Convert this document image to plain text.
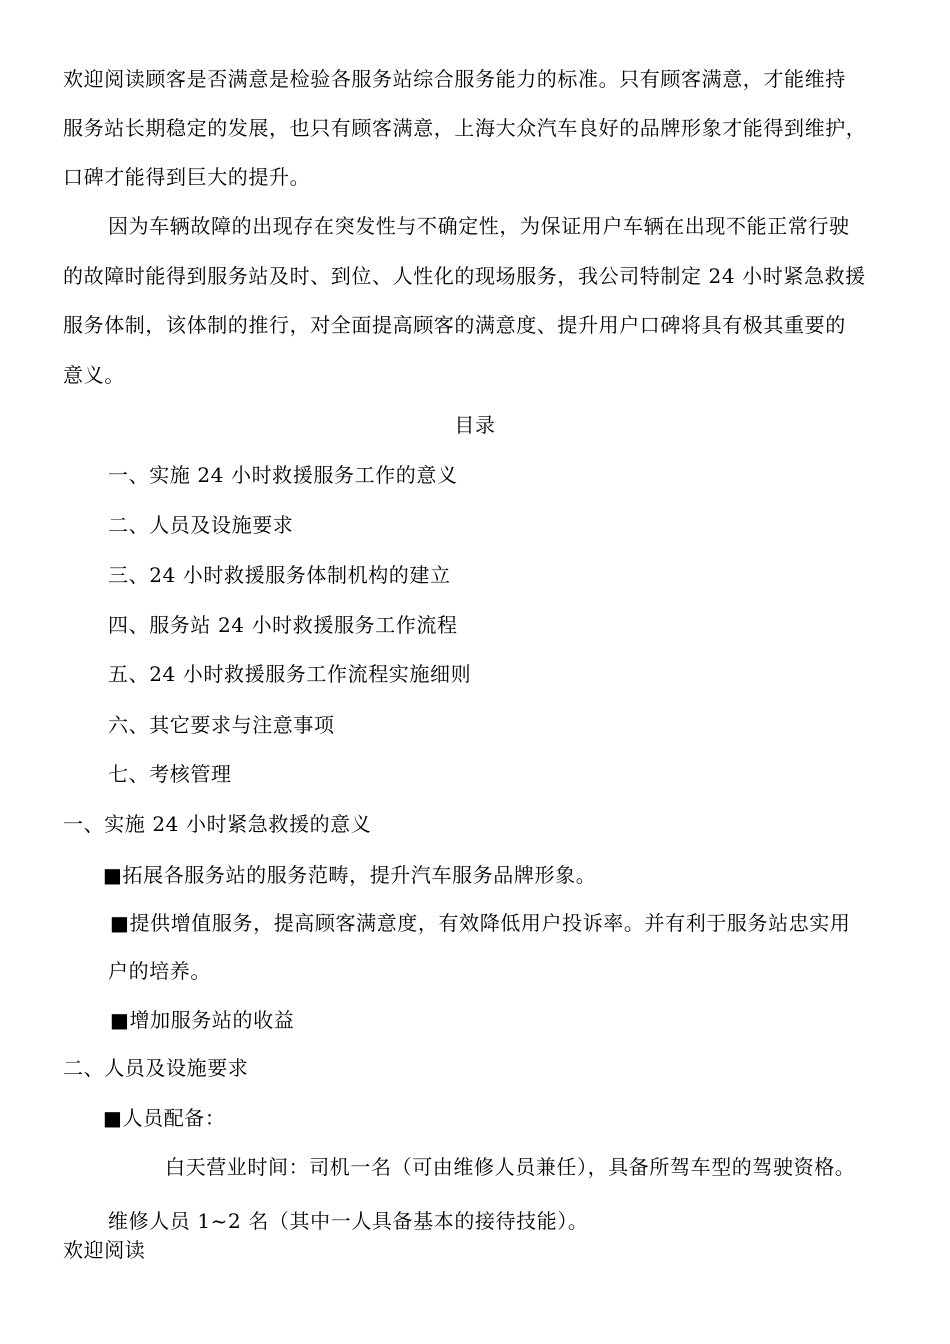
欢迎阅读顾客是否满意是检验各服务站综合服务能力的标准。只有顾客满意，才能维持
服务站长期稳定的发展，也只有顾客满意，上海大众汽车良好的品牌形象才能得到维护，
口碑才能得到巨大的提升。
因为车辆故障的出现存在突发性与不确定性，为保证用户车辆在出现不能正常行驶
的故障时能得到服务站及时、到位、人性化的现场服务，我公司特制定 24 小时紧急救援
服务体制，该体制的推行，对全面提高顾客的满意度、提升用户口碑将具有极其重要的
意义。
目录
一、实施 24 小时救援服务工作的意义
二、人员及设施要求
三、24 小时救援服务体制机构的建立
四、服务站 24 小时救援服务工作流程
五、24 小时救援服务工作流程实施细则
六、其它要求与注意事项
七、考核管理
一、实施 24 小时紧急救援的意义
■拓展各服务站的服务范畴，提升汽车服务品牌形象。
■提供增值服务，提高顾客满意度，有效降低用户投诉率。并有利于服务站忠实用
户的培养。
■增加服务站的收益
二、人员及设施要求
■人员配备：
白天营业时间：司机一名（可由维修人员兼任），具备所驾车型的驾驶资格。
维修人员 1~2 名（其中一人具备基本的接待技能）。
欢迎阅读
